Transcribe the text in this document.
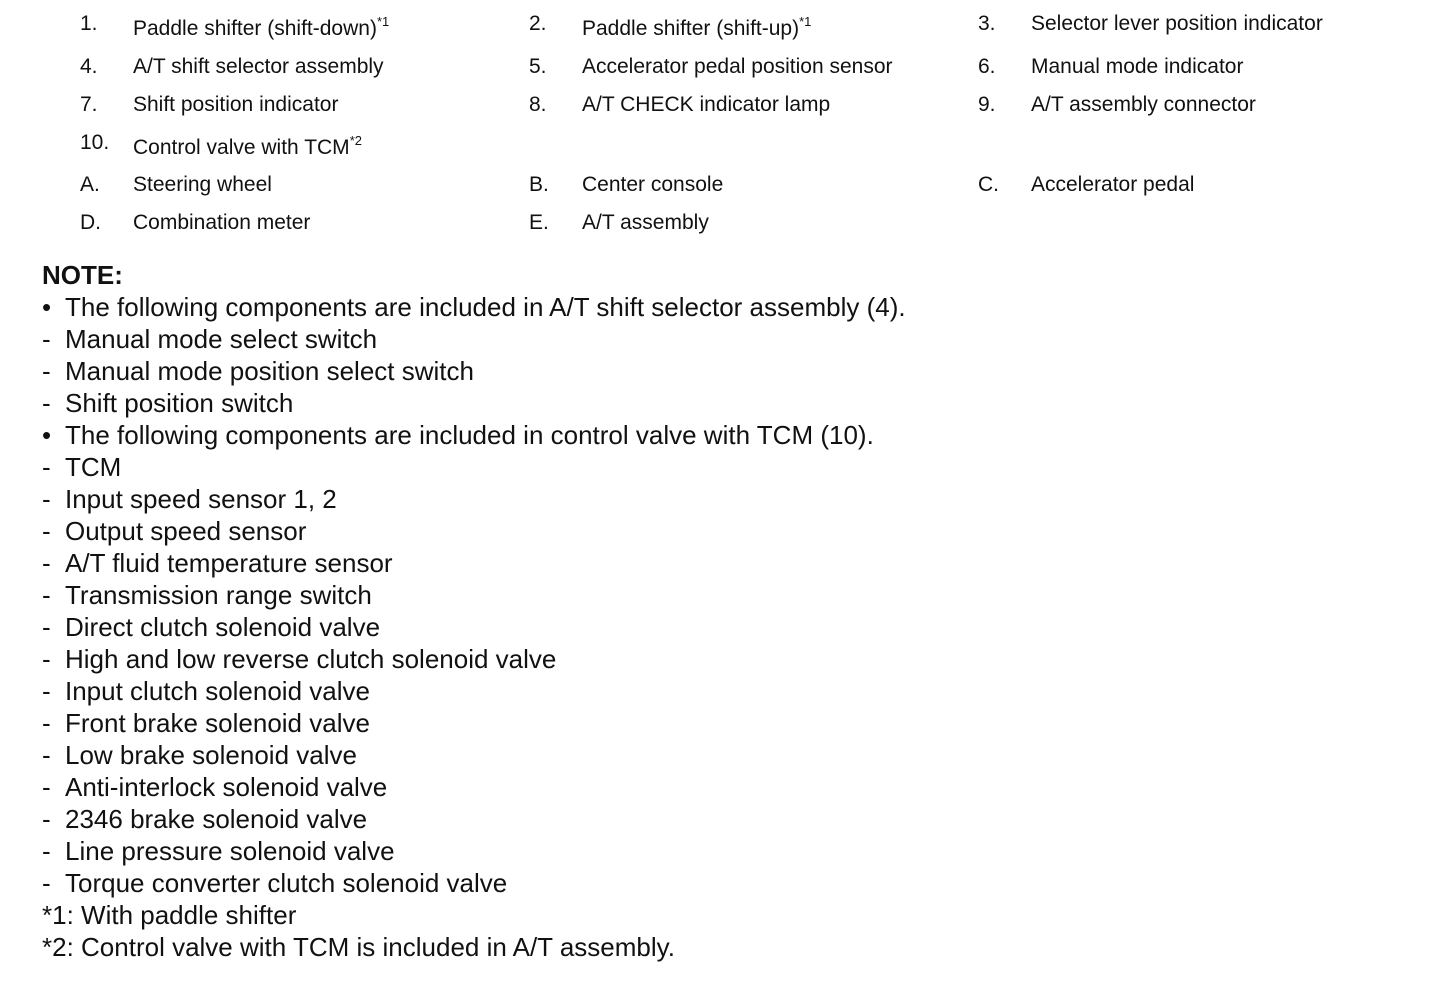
1. Paddle shifter (shift-down)$^{*1}$	2. Paddle shifter (shift-up)$^{*1}$	3. Selector lever position indicator
4. A/T shift selector assembly	5. Accelerator pedal position sensor	6. Manual mode indicator
7. Shift position indicator	8. A/T CHECK indicator lamp	9. A/T assembly connector
10. Control valve with TCM$^{*2}$
A. Steering wheel	B. Center console	C. Accelerator pedal
D. Combination meter	E. A/T assembly
NOTE:
• The following components are included in A/T shift selector assembly (4).
- Manual mode select switch
- Manual mode position select switch
- Shift position switch
• The following components are included in control valve with TCM (10).
- TCM
- Input speed sensor 1, 2
- Output speed sensor
- A/T fluid temperature sensor
- Transmission range switch
- Direct clutch solenoid valve
- High and low reverse clutch solenoid valve
- Input clutch solenoid valve
- Front brake solenoid valve
- Low brake solenoid valve
- Anti-interlock solenoid valve
- 2346 brake solenoid valve
- Line pressure solenoid valve
- Torque converter clutch solenoid valve
*1: With paddle shifter
*2: Control valve with TCM is included in A/T assembly.
